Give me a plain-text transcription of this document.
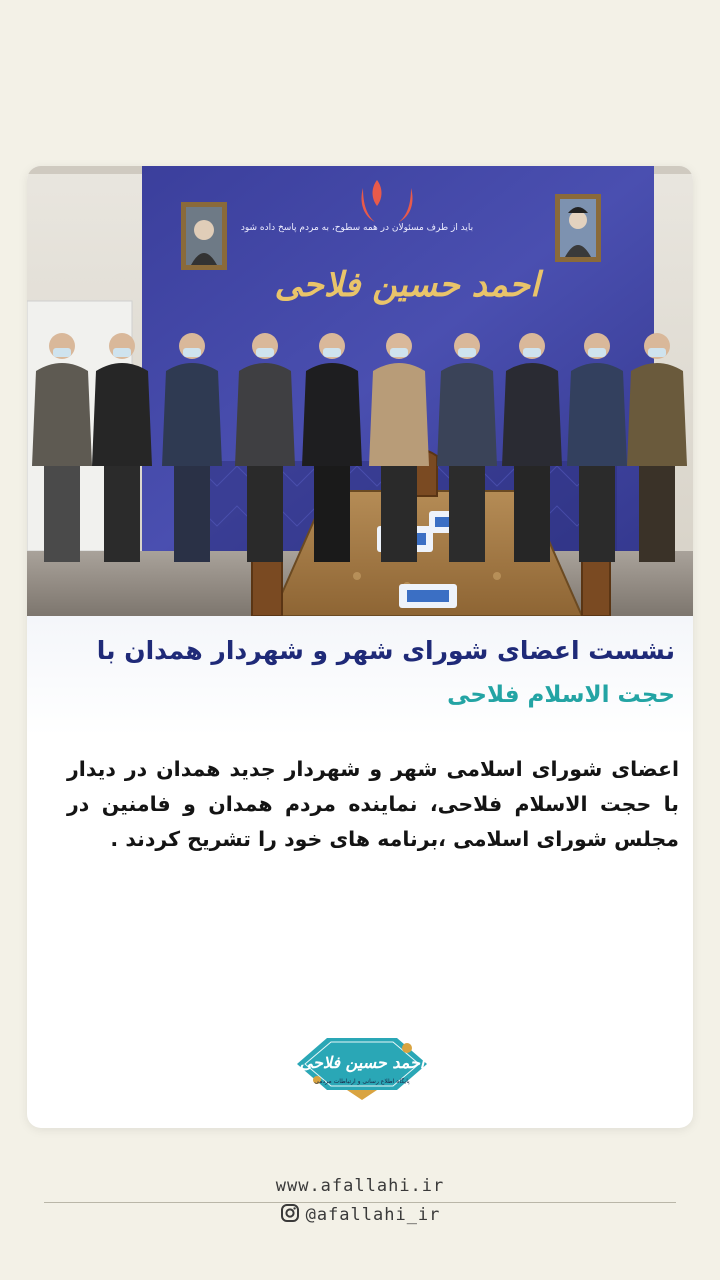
باید از طرف مسئولان در همه سطوح، به مردم پاسخ داده شود
احمد حسین فلاحی
نشست اعضای شورای شهر و شهردار همدان با
حجت الاسلام فلاحی
اعضای شورای اسلامی شهر و شهردار جدید همدان در دیدار با حجت الاسلام فلاحی، نماینده مردم همدان و فامنین در مجلس شورای اسلامی ،برنامه های خود را تشریح کردند .
احمد حسین فلاحی
پایگاه اطلاع رسانی و ارتباطات مردمی
www.afallahi.ir
@afallahi_ir
